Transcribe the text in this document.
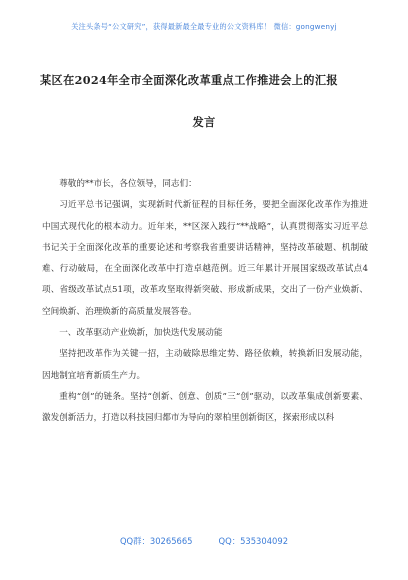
关注头条号“公文研究”，获得最新最全最专业的公文资料库！ 微信：gongwenyj
某区在2024年全市全面深化改革重点工作推进会上的汇报
发言

尊敬的**市长，各位领导，同志们：

习近平总书记强调，实现新时代新征程的目标任务，要把全面深化改革作为推进中国式现代化的根本动力。近年来，**区深入践行“**战略”，认真贯彻落实习近平总书记关于全面深化改革的重要论述和考察我省重要讲话精神，坚持改革破题、机制破难、行动破局，在全面深化改革中打造卓越范例。近三年累计开展国家级改革试点4项、省级改革试点51项，改革攻坚取得新突破、形成新成果，交出了一份产业焕新、空间焕新、治理焕新的高质量发展答卷。

一、改革驱动产业焕新，加快迭代发展动能

坚持把改革作为关键一招，主动破除思维定势、路径依赖，转换新旧发展动能，因地制宜培育新质生产力。

重构“创”的链条。坚持“创新、创意、创质”三“创”驱动，以改革集成创新要素、激发创新活力，打造以科技园归都市为导向的翠柏里创新街区，探索形成以科

QQ群：30265665	QQ：535304092
